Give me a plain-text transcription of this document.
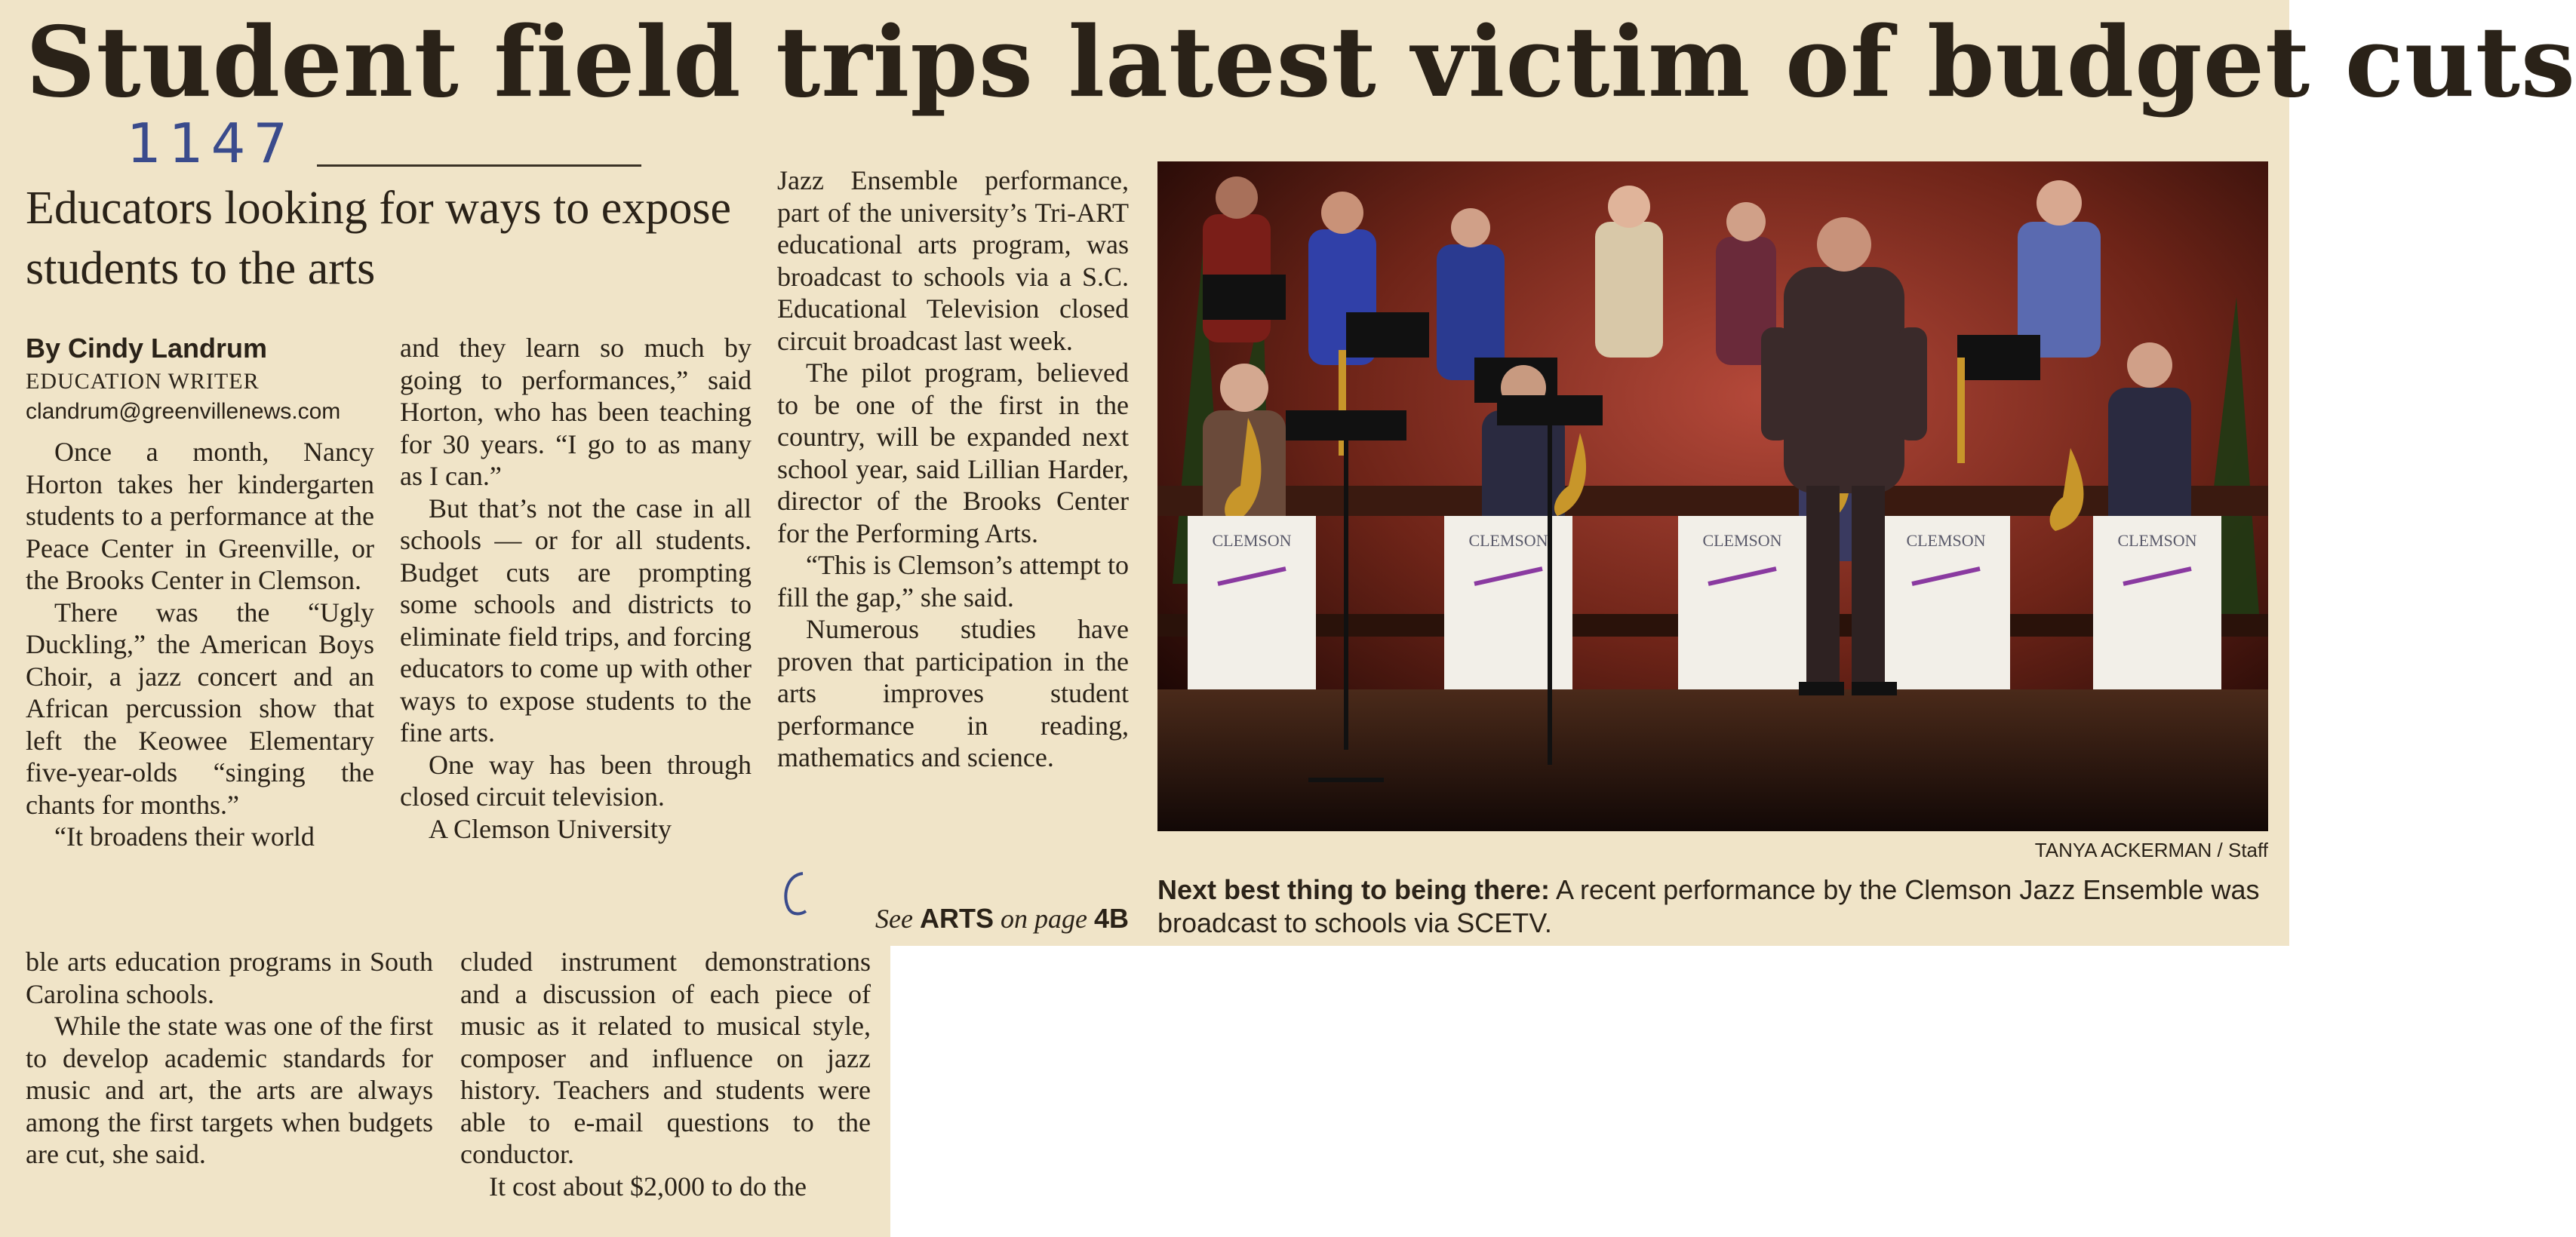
Student field trips latest victim of budget cuts
1147
Educators looking for ways to expose students to the arts
By Cindy Landrum
EDUCATION WRITER
clandrum@greenvillenews.com

Once a month, Nancy Horton takes her kindergarten students to a performance at the Peace Center in Greenville, or the Brooks Center in Clemson.

There was the “Ugly Duckling,” the American Boys Choir, a jazz concert and an African percussion show that left the Keowee Elementary five-year-olds “singing the chants for months.”

“It broadens their world

and they learn so much by going to performances,” said Horton, who has been teaching for 30 years. “I go to as many as I can.”

But that’s not the case in all schools — or for all students. Budget cuts are prompting some schools and districts to eliminate field trips, and forcing educators to come up with other ways to expose students to the fine arts.

One way has been through closed circuit television.

A Clemson University

Jazz Ensemble performance, part of the university’s Tri-ART educational arts program, was broadcast to schools via a S.C. Educational Television closed circuit broadcast last week.

The pilot program, believed to be one of the first in the country, will be expanded next school year, said Lillian Harder, director of the Brooks Center for the Performing Arts.

“This is Clemson’s attempt to fill the gap,” she said.

Numerous studies have proven that participation in the arts improves student performance in reading, mathematics and science.

See ARTS on page 4B
CLEMSON	CLEMSON	CLEMSON	CLEMSON	CLEMSON
TANYA ACKERMAN / Staff
Next best thing to being there: A recent performance by the Clemson Jazz Ensemble was broadcast to schools via SCETV.

ble arts education programs in South Carolina schools.

While the state was one of the first to develop academic standards for music and art, the arts are always among the first targets when budgets are cut, she said.

cluded instrument demonstrations and a discussion of each piece of music as it related to musical style, composer and influence on jazz history. Teachers and students were able to e-mail questions to the conductor.

It cost about $2,000 to do the
